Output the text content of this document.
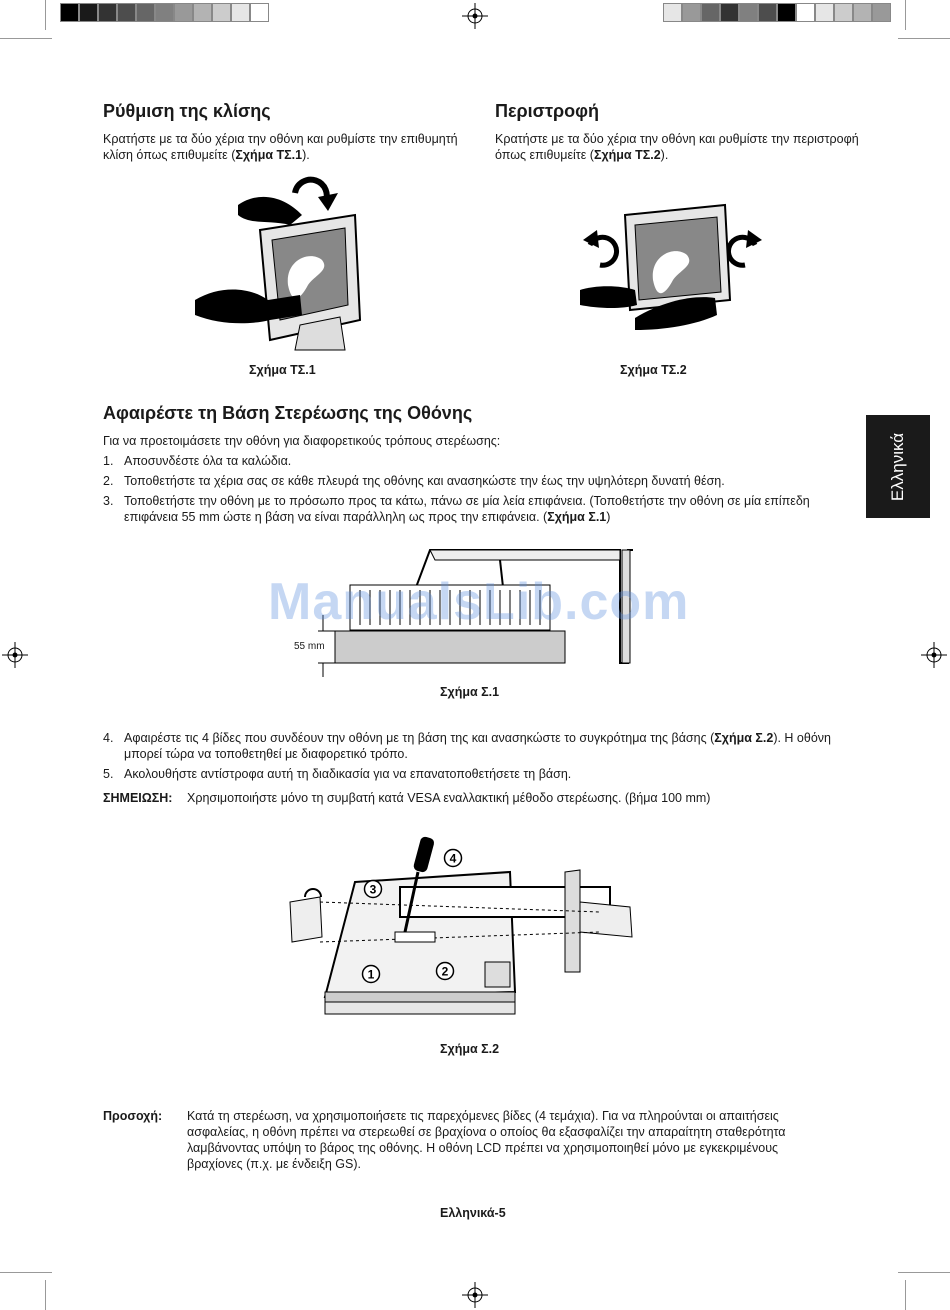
Ελληνικά
Ρύθμιση της κλίσης
Κρατήστε με τα δύο χέρια την οθόνη και ρυθμίστε την επιθυμητή κλίση όπως επιθυμείτε (Σχήμα ΤΣ.1).
Σχήμα ΤΣ.1
Περιστροφή
Κρατήστε με τα δύο χέρια την οθόνη και ρυθμίστε την περιστροφή όπως επιθυμείτε (Σχήμα ΤΣ.2).
Σχήμα ΤΣ.2
Αφαιρέστε τη Βάση Στερέωσης της Οθόνης
Για να προετοιμάσετε την οθόνη για διαφορετικούς τρόπους στερέωσης:
1. Αποσυνδέστε όλα τα καλώδια.
2. Τοποθετήστε τα χέρια σας σε κάθε πλευρά της οθόνης και ανασηκώστε την έως την υψηλότερη δυνατή θέση.
3. Τοποθετήστε την οθόνη με το πρόσωπο προς τα κάτω, πάνω σε μία λεία επιφάνεια. (Τοποθετήστε την οθόνη σε μία επίπεδη επιφάνεια 55 mm ώστε η βάση να είναι παράλληλη ως προς την επιφάνεια. (Σχήμα Σ.1)
55 mm
ManualsLib.com
Σχήμα Σ.1
4. Αφαιρέστε τις 4 βίδες που συνδέουν την οθόνη με τη βάση της και ανασηκώστε το συγκρότημα της βάσης (Σχήμα Σ.2). Η οθόνη μπορεί τώρα να τοποθετηθεί με διαφορετικό τρόπο.
5. Ακολουθήστε αντίστροφα αυτή τη διαδικασία για να επανατοποθετήσετε τη βάση.
ΣΗΜΕΙΩΣΗ: Χρησιμοποιήστε μόνο τη συμβατή κατά VESA εναλλακτική μέθοδο στερέωσης. (βήμα 100 mm)
1	2
3
4
Σχήμα Σ.2
Προσοχή: Κατά τη στερέωση, να χρησιμοποιήσετε τις παρεχόμενες βίδες (4 τεμάχια). Για να πληρούνται οι απαιτήσεις ασφαλείας, η οθόνη πρέπει να στερεωθεί σε βραχίονα ο οποίος θα εξασφαλίζει την απαραίτητη σταθερότητα λαμβάνοντας υπόψη το βάρος της οθόνης. Η οθόνη LCD πρέπει να χρησιμοποιηθεί μόνο με εγκεκριμένους βραχίονες (π.χ. με ένδειξη GS).
Ελληνικά-5
